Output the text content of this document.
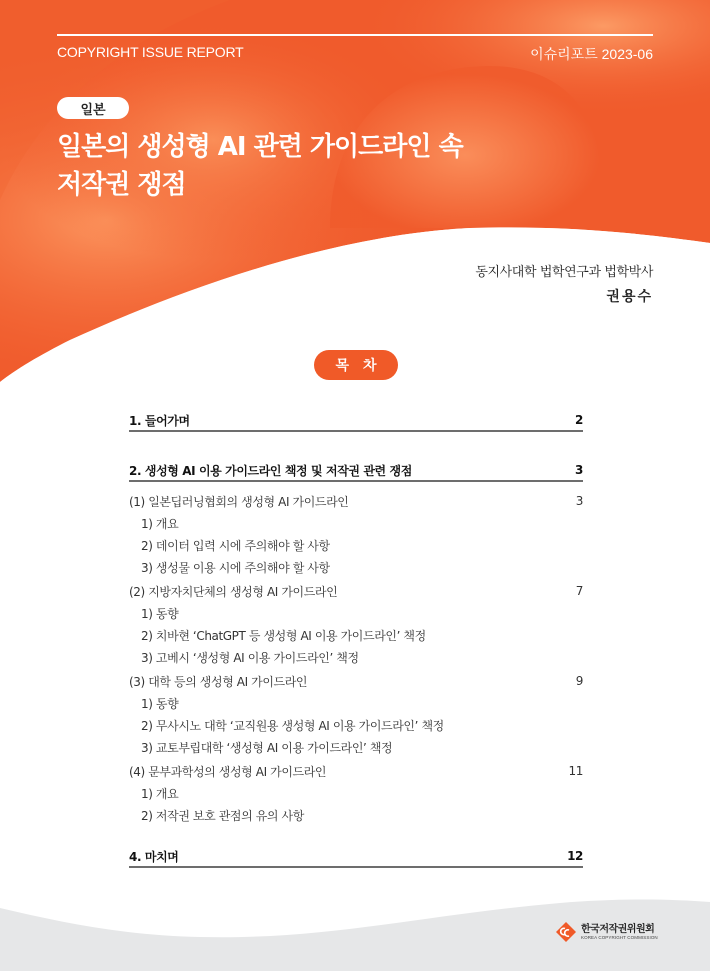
COPYRIGHT ISSUE REPORT	이슈리포트 2023-06
일본
일본의 생성형 AI 관련 가이드라인 속
저작권 쟁점
동지사대학 법학연구과 법학박사
권용수
목차
1. 들어가며	2
2. 생성형 AI 이용 가이드라인 책정 및 저작권 관련 쟁점	3
(1) 일본딥러닝협회의 생성형 AI 가이드라인	3
1) 개요
2) 데이터 입력 시에 주의해야 할 사항
3) 생성물 이용 시에 주의해야 할 사항
(2) 지방자치단체의 생성형 AI 가이드라인	7
1) 동향
2) 치바현 ‘ChatGPT 등 생성형 AI 이용 가이드라인’ 책정
3) 고베시 ‘생성형 AI 이용 가이드라인’ 책정
(3) 대학 등의 생성형 AI 가이드라인	9
1) 동향
2) 무사시노 대학 ‘교직원용 생성형 AI 이용 가이드라인’ 책정
3) 교토부립대학 ‘생성형 AI 이용 가이드라인’ 책정
(4) 문부과학성의 생성형 AI 가이드라인	11
1) 개요
2) 저작권 보호 관점의 유의 사항
4. 마치며	12
한국저작권위원회
KOREA COPYRIGHT COMMISSION
